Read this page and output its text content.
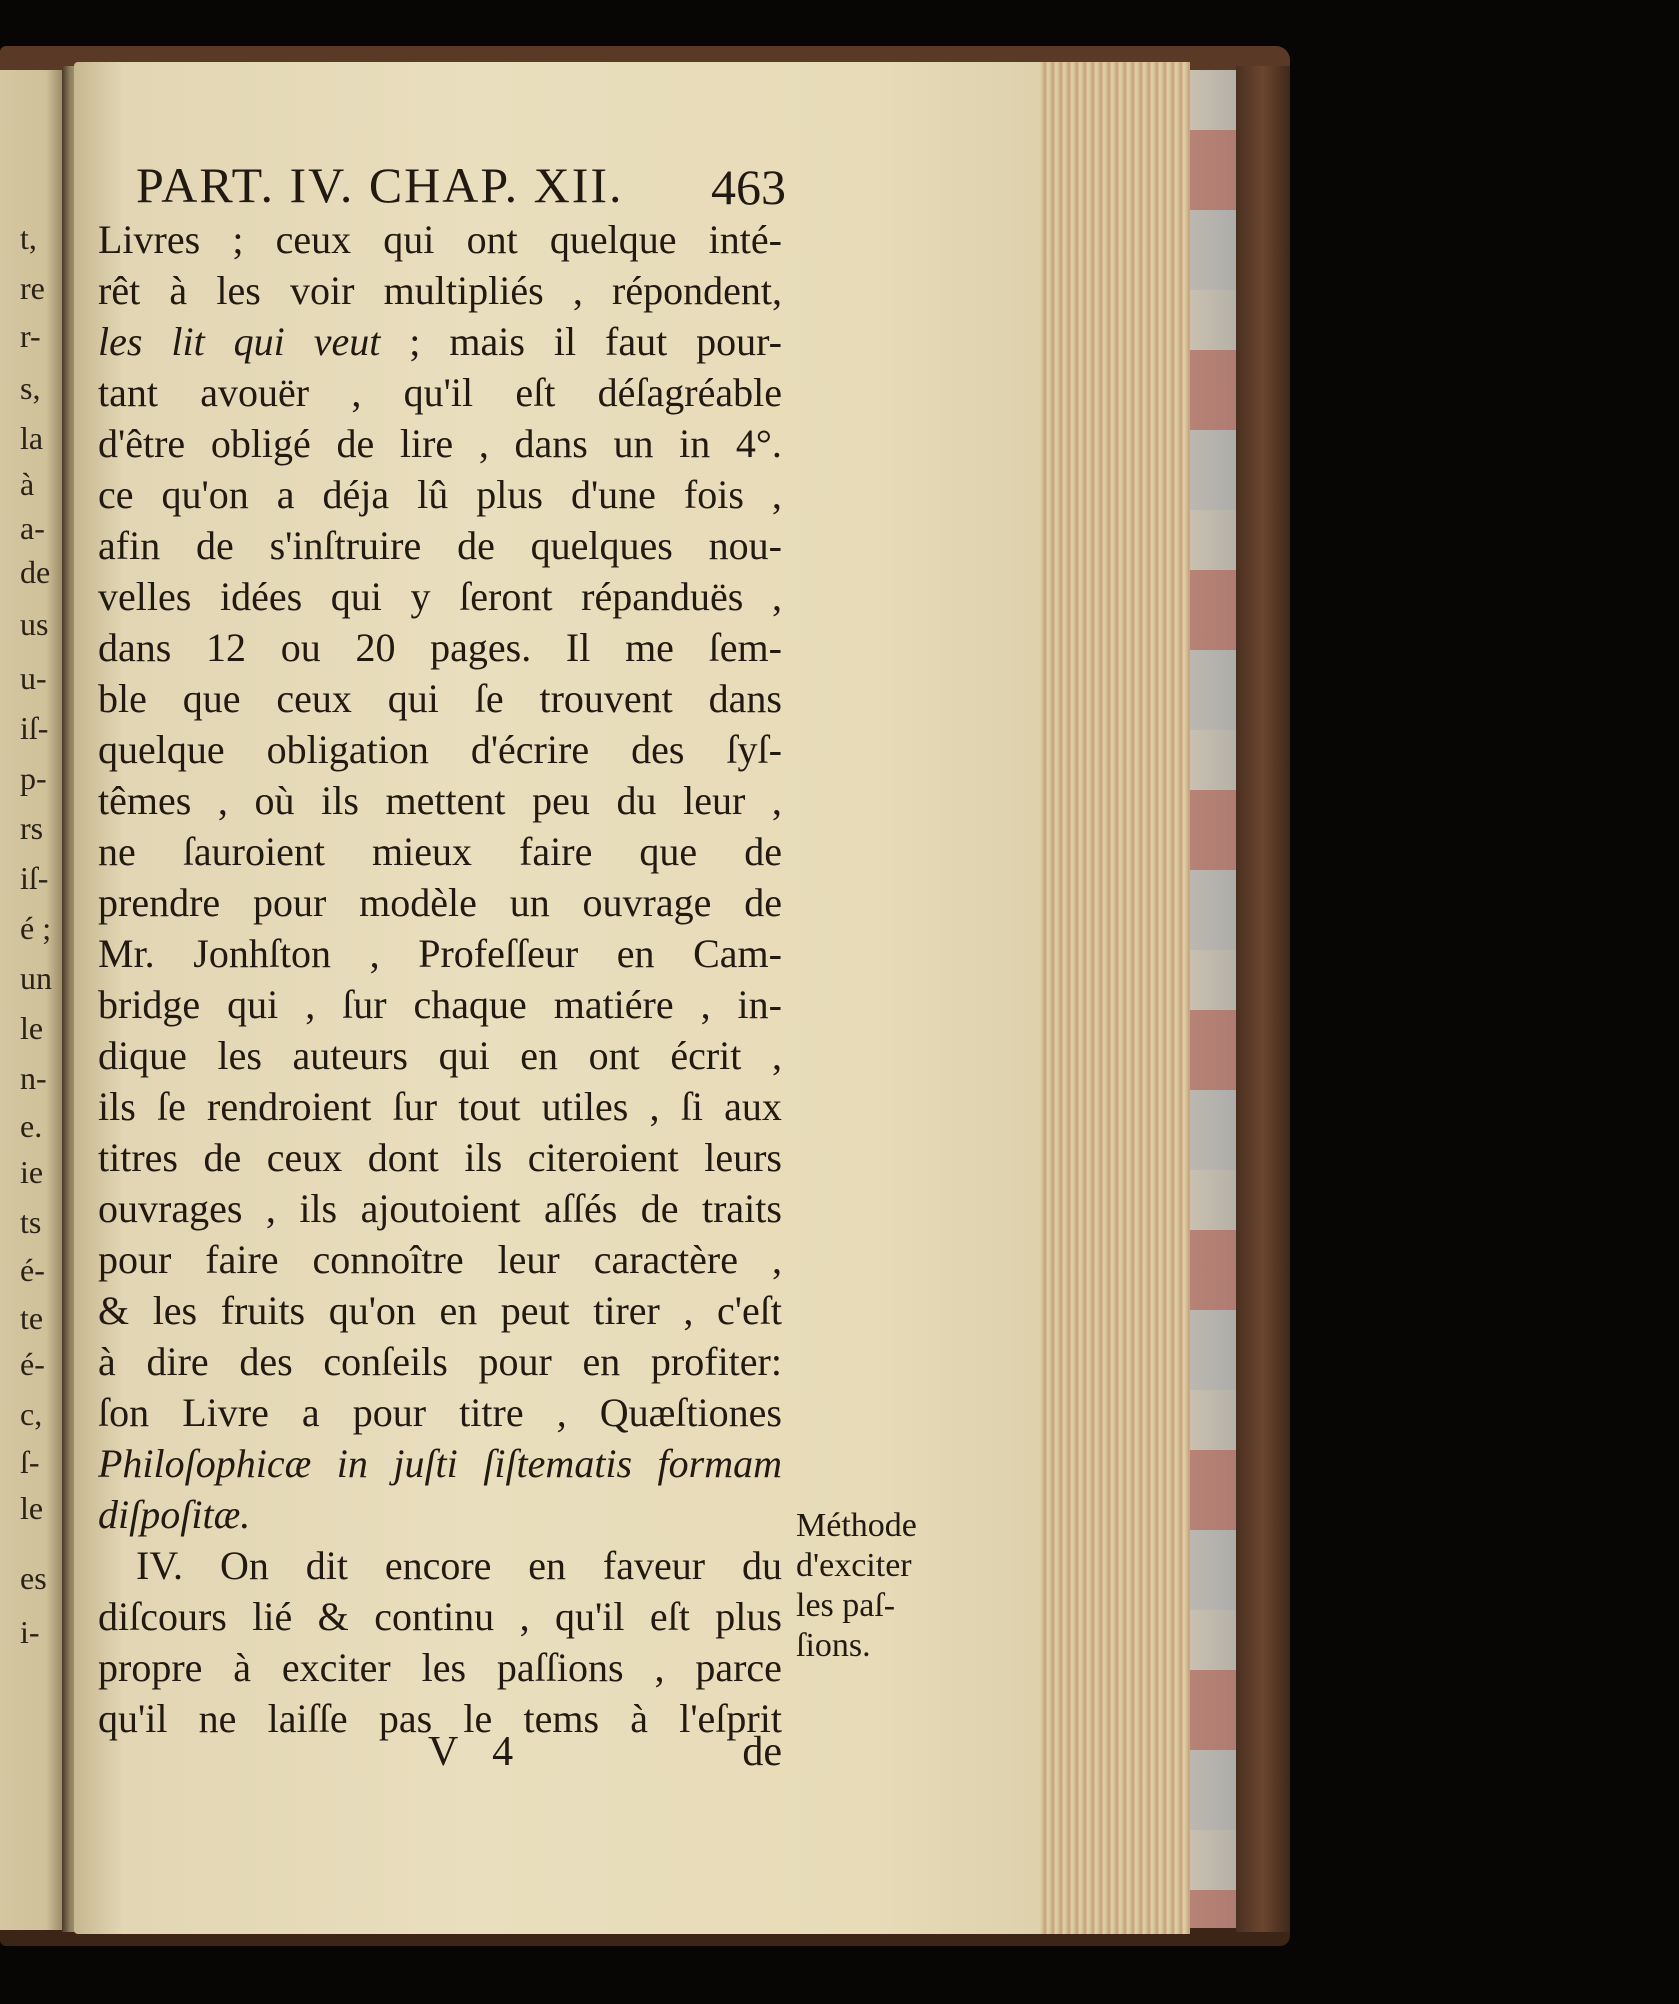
t,
re
r-
s,
la
à
a-
de
us
u-
iſ-
p-
rs
iſ-
é ;
un
le
n-
e.
ie
ts
é-
te
é-
c,
ſ-
le
es
i-
PART. IV. CHAP. XII. 463
Livres ; ceux qui ont quelque inté-
rêt à les voir multipliés , répondent,
les lit qui veut ; mais il faut pour-
tant avouër , qu'il eſt déſagréable
d'être obligé de lire , dans un in 4°.
ce qu'on a déja lû plus d'une fois ,
afin de s'inſtruire de quelques nou-
velles idées qui y ſeront répanduës ,
dans 12 ou 20 pages. Il me ſem-
ble que ceux qui ſe trouvent dans
quelque obligation d'écrire des ſyſ-
têmes , où ils mettent peu du leur ,
ne ſauroient mieux faire que de
prendre pour modèle un ouvrage de
Mr. Jonhſton , Profeſſeur en Cam-
bridge qui , ſur chaque matiére , in-
dique les auteurs qui en ont écrit ,
ils ſe rendroient ſur tout utiles , ſi aux
titres de ceux dont ils citeroient leurs
ouvrages , ils ajoutoient aſſés de traits
pour faire connoître leur caractère ,
& les fruits qu'on en peut tirer , c'eſt
à dire des conſeils pour en profiter:
ſon Livre a pour titre , Quæſtiones
Philoſophicæ in juſti ſiſtematis formam
diſpoſitæ.
IV. On dit encore en faveur du
diſcours lié & continu , qu'il eſt plus
propre à exciter les paſſions , parce
qu'il ne laiſſe pas le tems à l'eſprit
V 4	de
Méthode
d'exciter
les paſ-
ſions.
